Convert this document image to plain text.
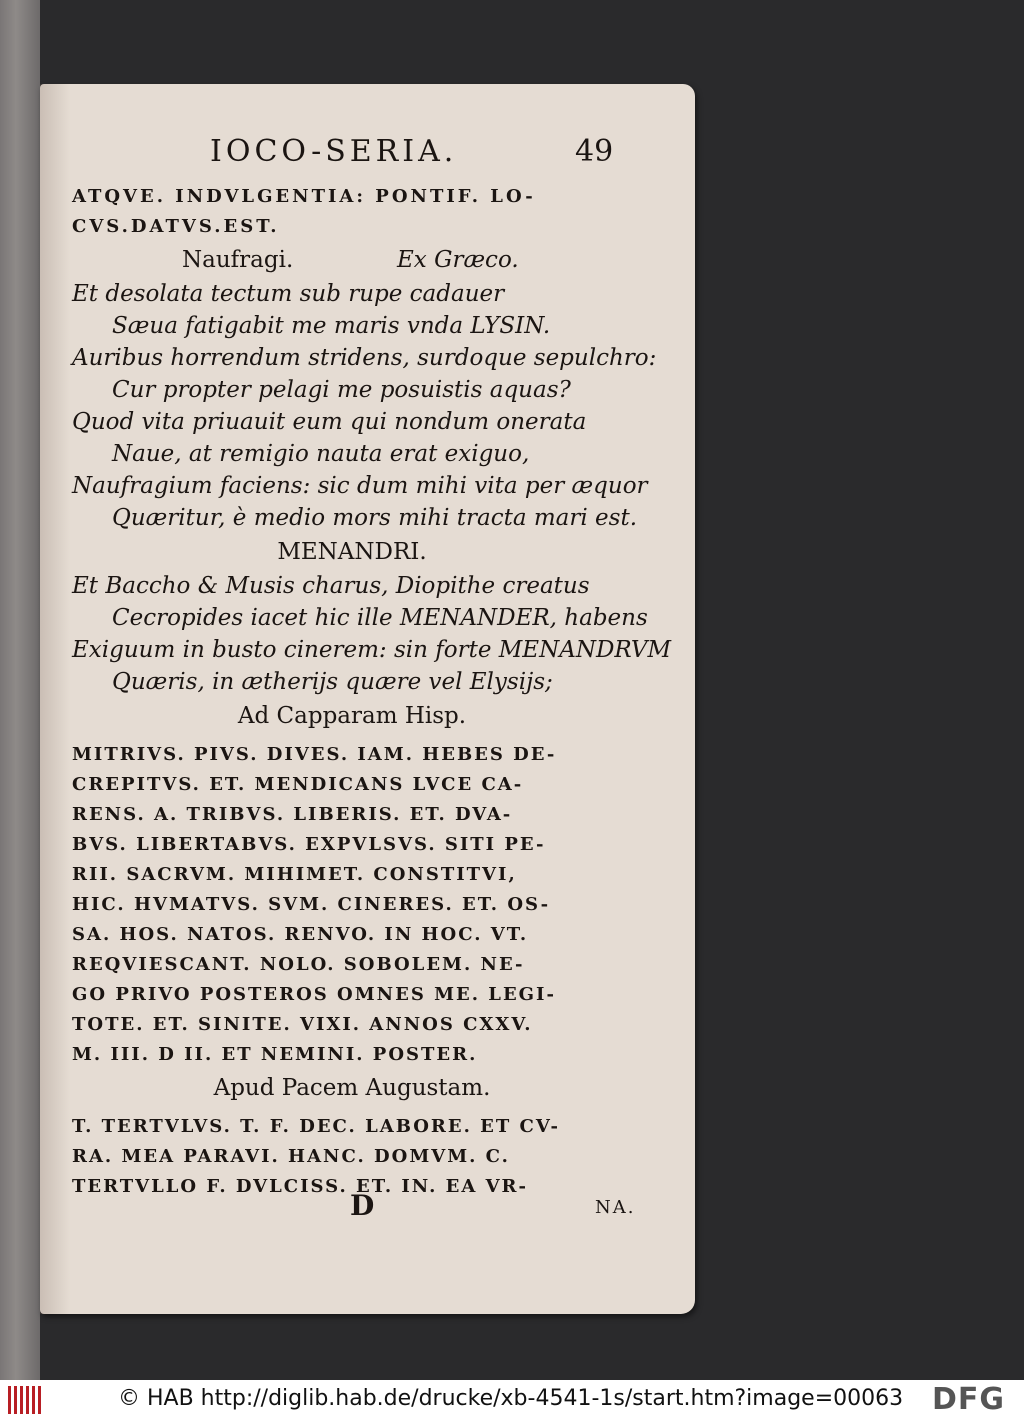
IOCO-SERIA.	49
ATQVE. INDVLGENTIA: PONTIF. LO-
CVS.DATVS.EST.
Naufragi.	Ex Græco.
Et desolata tectum sub rupe cadauer
Sæua fatigabit me maris vnda LYSIN.
Auribus horrendum stridens, surdoque sepulchro:
Cur propter pelagi me posuistis aquas?
Quod vita priuauit eum qui nondum onerata
Naue, at remigio nauta erat exiguo,
Naufragium faciens: sic dum mihi vita per æquor
Quæritur, è medio mors mihi tracta mari est.
MENANDRI.
Et Baccho & Musis charus, Diopithe creatus
Cecropides iacet hic ille MENANDER, habens
Exiguum in busto cinerem: sin forte MENANDRVM
Quæris, in ætherijs quære vel Elysijs;
Ad Capparam Hisp.
MITRIVS. PIVS. DIVES. IAM. HEBES DE-
CREPITVS. ET. MENDICANS LVCE CA-
RENS. A. TRIBVS. LIBERIS. ET. DVA-
BVS. LIBERTABVS. EXPVLSVS. SITI PE-
RII. SACRVM. MIHIMET. CONSTITVI,
HIC. HVMATVS. SVM. CINERES. ET. OS-
SA. HOS. NATOS. RENVO. IN HOC. VT.
REQVIESCANT. NOLO. SOBOLEM. NE-
GO PRIVO POSTEROS OMNES ME. LEGI-
TOTE. ET. SINITE. VIXI. ANNOS CXXV.
M. III. D II. ET NEMINI. POSTER.
Apud Pacem Augustam.
T. TERTVLVS. T. F. DEC. LABORE. ET CV-
RA. MEA PARAVI. HANC. DOMVM. C.
TERTVLLO F. DVLCISS. ET. IN. EA VR-
D	NA.
© HAB http://diglib.hab.de/drucke/xb-4541-1s/start.htm?image=00063 DFG
